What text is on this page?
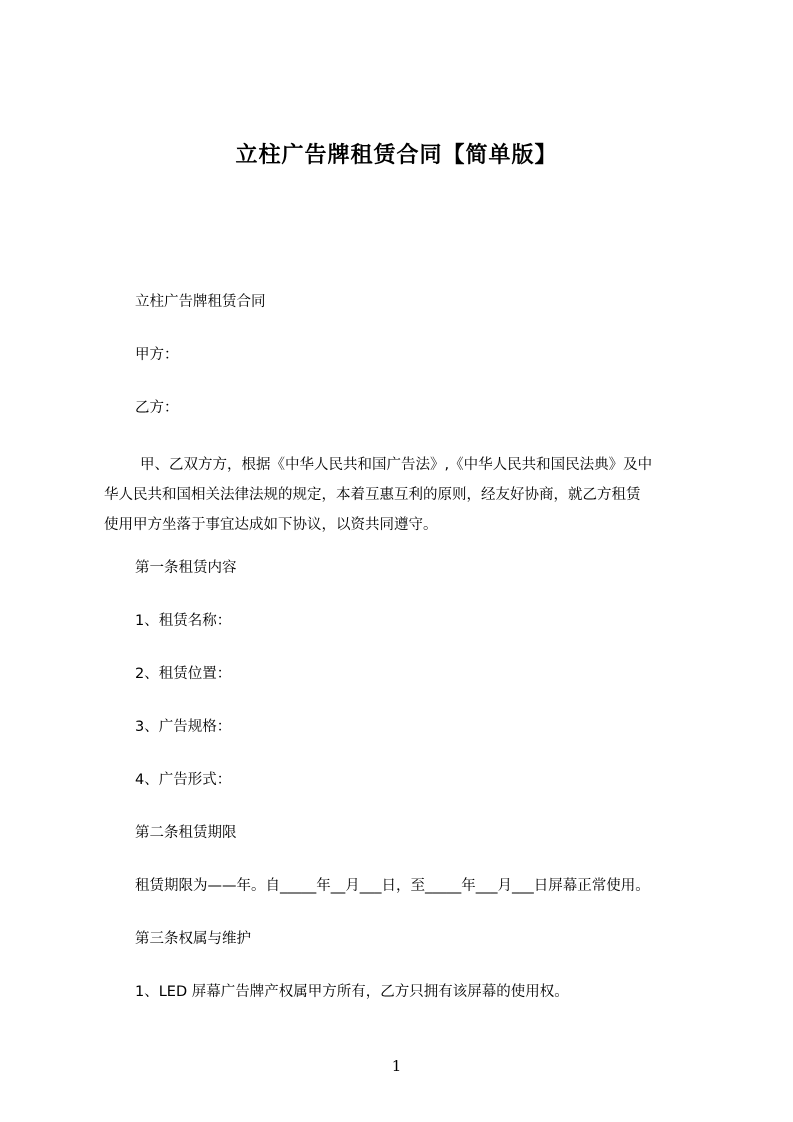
立柱广告牌租赁合同【简单版】
立柱广告牌租赁合同
甲方：
乙方：
甲、乙双方方，根据《中华人民共和国广告法》,《中华人民共和国民法典》及中
华人民共和国相关法律法规的规定，本着互惠互利的原则，经友好协商，就乙方租赁
使用甲方坐落于事宜达成如下协议，以资共同遵守。
第一条租赁内容
1、租赁名称：
2、租赁位置：
3、广告规格：
4、广告形式：
第二条租赁期限
租赁期限为——年。自_____年__月___日，至_____年___月___日屏幕正常使用。
第三条权属与维护
1、LED 屏幕广告牌产权属甲方所有，乙方只拥有该屏幕的使用权。
1
